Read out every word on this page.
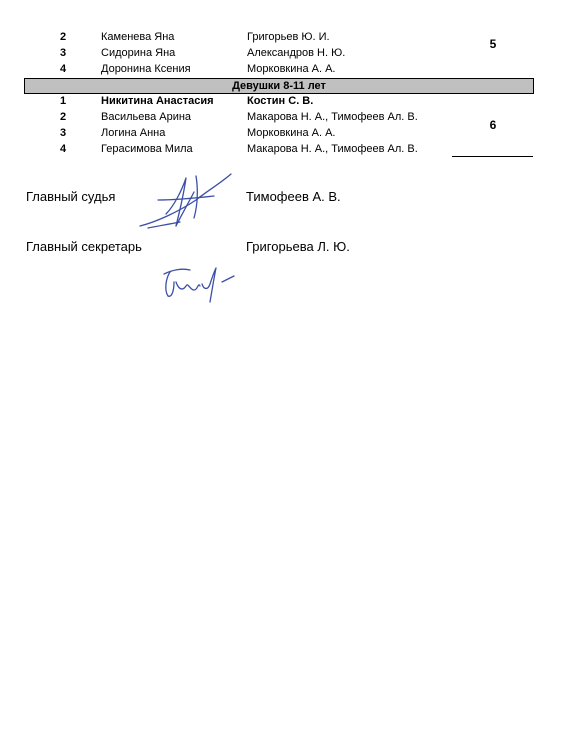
2	Каменева Яна	Григорьев Ю. И.
3	Сидорина Яна	Александров Н. Ю.
4	Доронина Ксения	Морковкина А. А.
5
Девушки 8-11 лет
1	Никитина Анастасия	Костин С. В.
2	Васильева Арина	Макарова Н. А., Тимофеев Ал. В.
3	Логина Анна	Морковкина А. А.
4	Герасимова Мила	Макарова Н. А., Тимофеев Ал. В.
6
Главный судья	Тимофеев А. В.
Главный секретарь	Григорьева Л. Ю.
